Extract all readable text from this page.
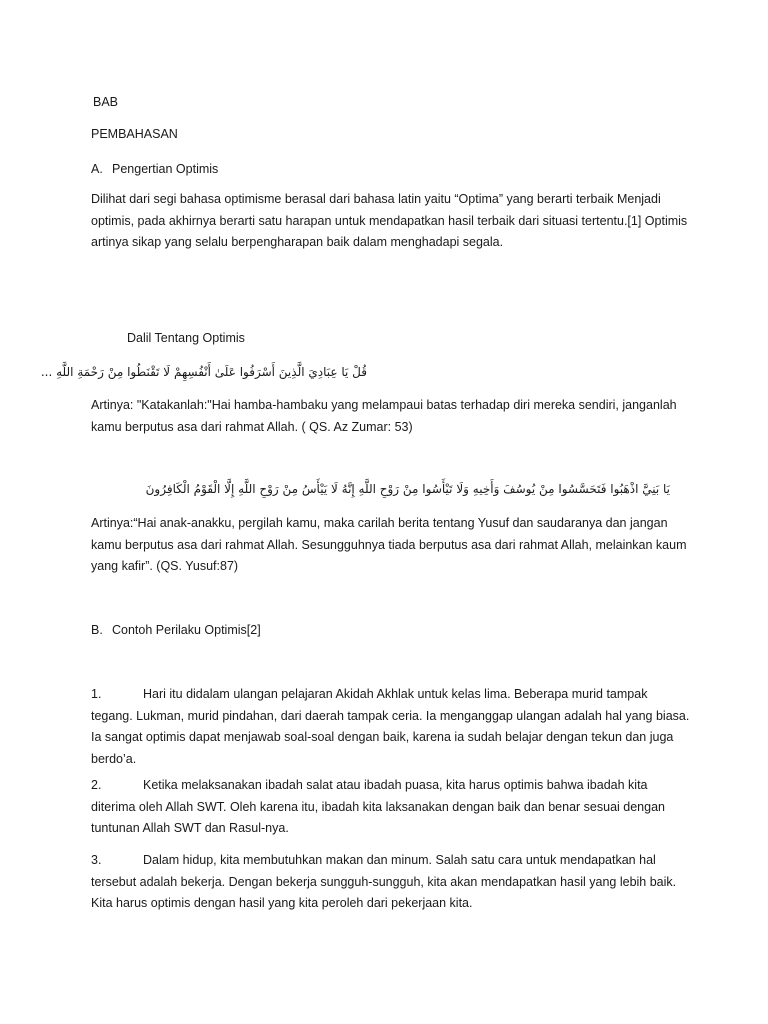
BAB

PEMBAHASAN

A. Pengertian Optimis

Dilihat dari segi bahasa optimisme berasal dari bahasa latin yaitu “Optima” yang berarti terbaik Menjadi optimis, pada akhirnya berarti satu harapan untuk mendapatkan hasil terbaik dari situasi tertentu.[1] Optimis artinya sikap yang selalu berpengharapan baik dalam menghadapi segala.

Dalil Tentang Optimis

قُلْ يَا عِبَادِيَ الَّذِينَ أَسْرَفُوا عَلَىٰ أَنْفُسِهِمْ لَا تَقْنَطُوا مِنْ رَحْمَةِ اللَّهِ ...

Artinya: "Katakanlah:"Hai hamba-hambaku yang melampaui batas terhadap diri mereka sendiri, janganlah kamu berputus asa dari rahmat Allah. ( QS. Az Zumar: 53)

يَا بَنِيَّ اذْهَبُوا فَتَحَسَّسُوا مِنْ يُوسُفَ وَأَخِيهِ وَلَا تَيْأَسُوا مِنْ رَوْحِ اللَّهِ إِنَّهُ لَا يَيْأَسُ مِنْ رَوْحِ اللَّهِ إِلَّا الْقَوْمُ الْكَافِرُونَ

Artinya:“Hai anak-anakku, pergilah kamu, maka carilah berita tentang Yusuf dan saudaranya dan jangan kamu berputus asa dari rahmat Allah. Sesungguhnya tiada berputus asa dari rahmat Allah, melainkan kaum yang kafir”. (QS. Yusuf:87)

B. Contoh Perilaku Optimis[2]

1.	Hari itu didalam ulangan pelajaran Akidah Akhlak untuk kelas lima. Beberapa murid tampak tegang. Lukman, murid pindahan, dari daerah tampak ceria. Ia menganggap ulangan adalah hal yang biasa. Ia sangat optimis dapat menjawab soal-soal dengan baik, karena ia sudah belajar dengan tekun dan juga berdo’a.

2.	Ketika melaksanakan ibadah salat atau ibadah puasa, kita harus optimis bahwa ibadah kita diterima oleh Allah SWT. Oleh karena itu, ibadah kita laksanakan dengan baik dan benar sesuai dengan tuntunan Allah SWT dan Rasul-nya.

3.	Dalam hidup, kita membutuhkan makan dan minum. Salah satu cara untuk mendapatkan hal tersebut adalah bekerja. Dengan bekerja sungguh-sungguh, kita akan mendapatkan hasil yang lebih baik. Kita harus optimis dengan hasil yang kita peroleh dari pekerjaan kita.
